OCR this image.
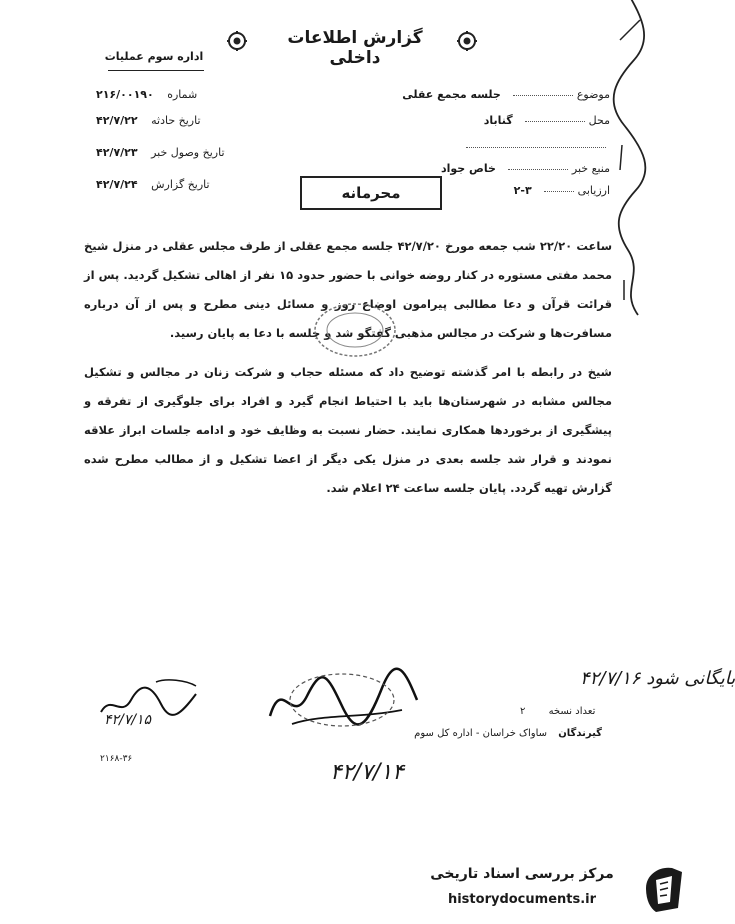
گزارش اطلاعات داخلی
اداره سوم عملیات
موضوعجلسه مجمع عقلی
محلگناباد
منبع خبرخاص جواد
ارزیابی۳-۲
۲۱۶/۰۰۱۹۰ شماره
۴۲/۷/۲۲ تاریخ حادثه
۴۲/۷/۲۳ تاریخ وصول خبر
۴۲/۷/۲۴ تاریخ گزارش	محرمانه

ساعت ۲۲/۲۰ شب جمعه مورخ ۴۲/۷/۲۰ جلسه مجمع عقلی از طرف مجلس عقلی در منزل شیخ محمد مفتی مستوره در کنار روضه خوانی با حضور حدود ۱۵ نفر از اهالی تشکیل گردید. پس از قرائت قرآن و دعا مطالبی پیرامون اوضاع روز و مسائل دینی مطرح و پس از آن درباره مسافرت‌ها و شرکت در مجالس مذهبی گفتگو شد و جلسه با دعا به پایان رسید.

شیخ در رابطه با امر گذشته توضیح داد که مسئله حجاب و شرکت زنان در مجالس و تشکیل مجالس مشابه در شهرستان‌ها باید با احتیاط انجام گیرد و افراد برای جلوگیری از تفرقه و پیشگیری از برخوردها همکاری نمایند. حضار نسبت به وظایف خود و ادامه جلسات ابراز علاقه نمودند و قرار شد جلسه بعدی در منزل یکی دیگر از اعضا تشکیل و از مطالب مطرح شده گزارش تهیه گردد. پایان جلسه ساعت ۲۴ اعلام شد.

بایگانی شود ۴۲/۷/۱۶
۴۲/۷/۱۵
تعداد نسخه ۲
گیرندگان ساواک خراسان - اداره کل سوم
۲۱۶۸-۳۶
۴۲/۷/۱۴
مرکز بررسی اسناد تاریخی
historydocuments.ir
